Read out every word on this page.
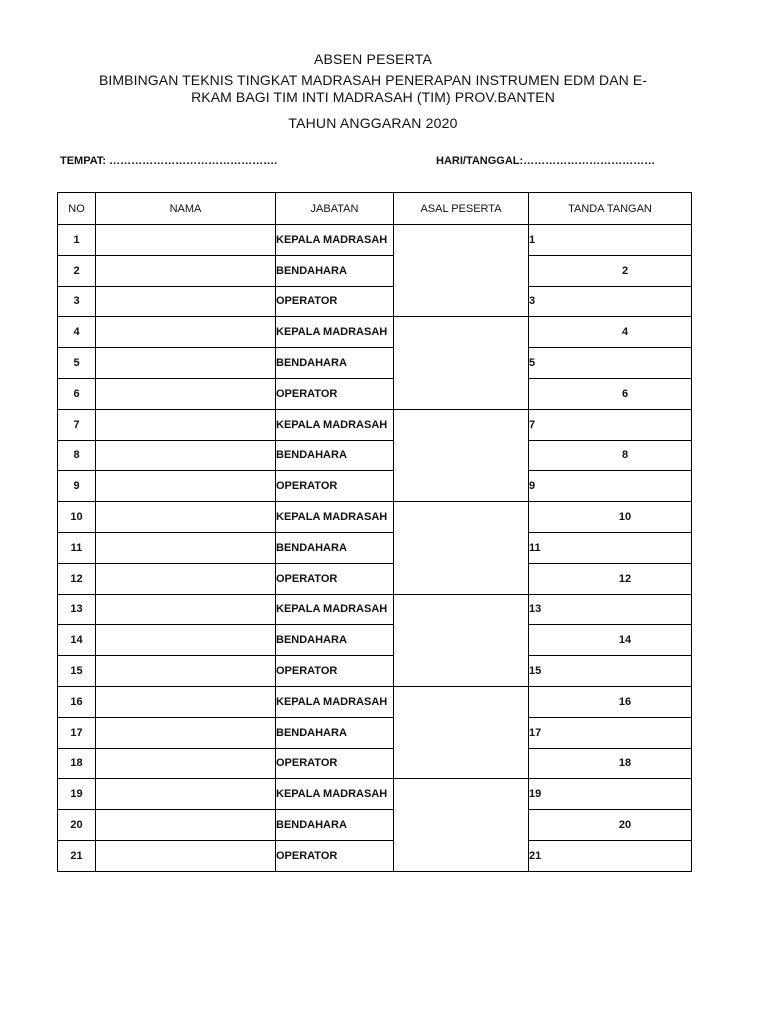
ABSEN PESERTA
BIMBINGAN TEKNIS TINGKAT MADRASAH PENERAPAN INSTRUMEN EDM DAN E-
RKAM BAGI TIM INTI MADRASAH (TIM) PROV.BANTEN
TAHUN ANGGARAN 2020
TEMPAT: ……………………………………….	HARI/TANGGAL:………………………………
NO	NAMA	JABATAN	ASAL PESERTA	TANDA TANGAN
1		KEPALA MADRASAH		1
2		BENDAHARA		2
3		OPERATOR		3
4		KEPALA MADRASAH		4
5		BENDAHARA		5
6		OPERATOR		6
7		KEPALA MADRASAH		7
8		BENDAHARA		8
9		OPERATOR		9
10		KEPALA MADRASAH		10
11		BENDAHARA		11
12		OPERATOR		12
13		KEPALA MADRASAH		13
14		BENDAHARA		14
15		OPERATOR		15
16		KEPALA MADRASAH		16
17		BENDAHARA		17
18		OPERATOR		18
19		KEPALA MADRASAH		19
20		BENDAHARA		20
21		OPERATOR		21
